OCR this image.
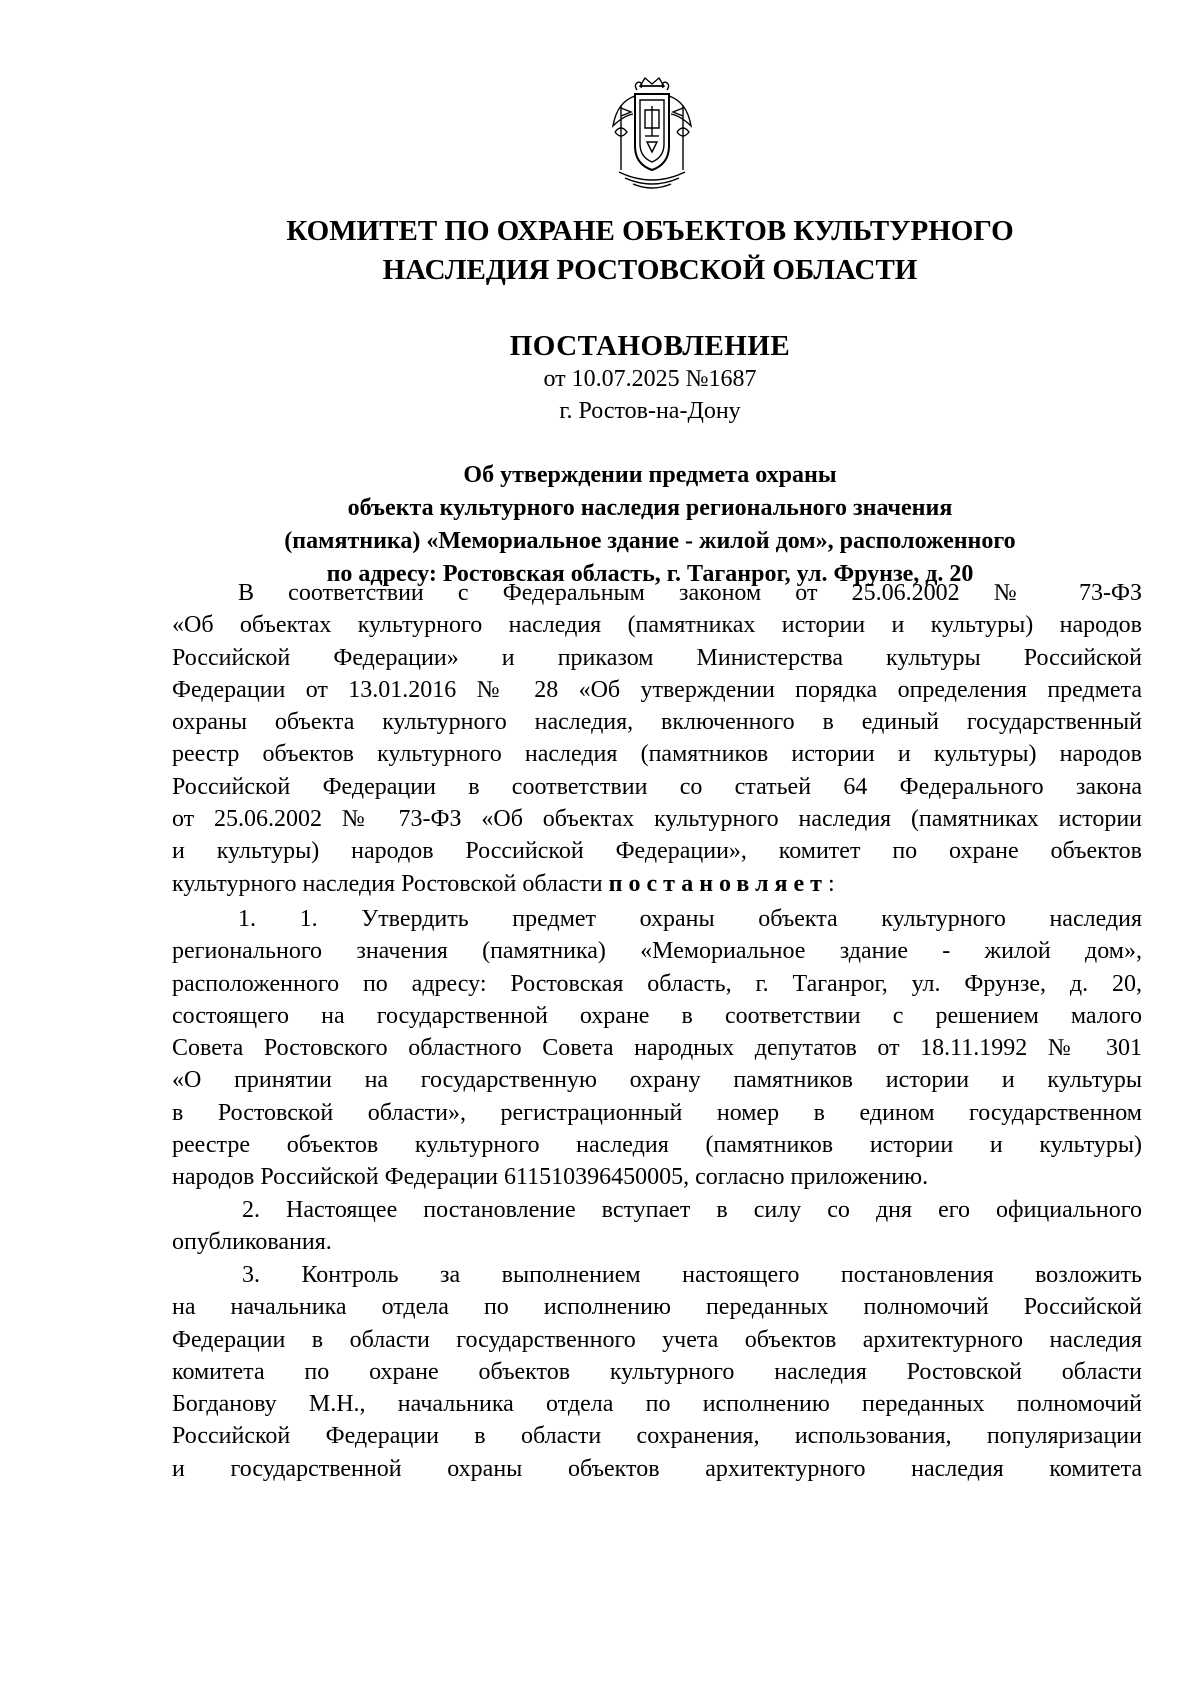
КОМИТЕТ ПО ОХРАНЕ ОБЪЕКТОВ КУЛЬТУРНОГО
НАСЛЕДИЯ РОСТОВСКОЙ ОБЛАСТИ
ПОСТАНОВЛЕНИЕ
от 10.07.2025 №1687
г. Ростов-на-Дону
Об утверждении предмета охраны
объекта культурного наследия регионального значения
(памятника) «Мемориальное здание - жилой дом», расположенного
по адресу: Ростовская область, г. Таганрог, ул. Фрунзе, д. 20
В соответствии с Федеральным законом от 25.06.2002 № 73-ФЗ
«Об объектах культурного наследия (памятниках истории и культуры) народов
Российской Федерации» и приказом Министерства культуры Российской
Федерации от 13.01.2016 № 28 «Об утверждении порядка определения предмета
охраны объекта культурного наследия, включенного в единый государственный
реестр объектов культурного наследия (памятников истории и культуры) народов
Российской Федерации в соответствии со статьей 64 Федерального закона
от 25.06.2002 № 73-ФЗ «Об объектах культурного наследия (памятниках истории
и культуры) народов Российской Федерации», комитет по охране объектов
культурного наследия Ростовской области постановляет:
1. 1. Утвердить предмет охраны объекта культурного наследия
регионального значения (памятника) «Мемориальное здание - жилой дом»,
расположенного по адресу: Ростовская область, г. Таганрог, ул. Фрунзе, д. 20,
состоящего на государственной охране в соответствии с решением малого
Совета Ростовского областного Совета народных депутатов от 18.11.1992 № 301
«О принятии на государственную охрану памятников истории и культуры
в Ростовской области», регистрационный номер в едином государственном
реестре объектов культурного наследия (памятников истории и культуры)
народов Российской Федерации 611510396450005, согласно приложению.
2. Настоящее постановление вступает в силу со дня его официального
опубликования.
3. Контроль за выполнением настоящего постановления возложить
на начальника отдела по исполнению переданных полномочий Российской
Федерации в области государственного учета объектов архитектурного наследия
комитета по охране объектов культурного наследия Ростовской области
Богданову М.Н., начальника отдела по исполнению переданных полномочий
Российской Федерации в области сохранения, использования, популяризации
и государственной охраны объектов архитектурного наследия комитета
